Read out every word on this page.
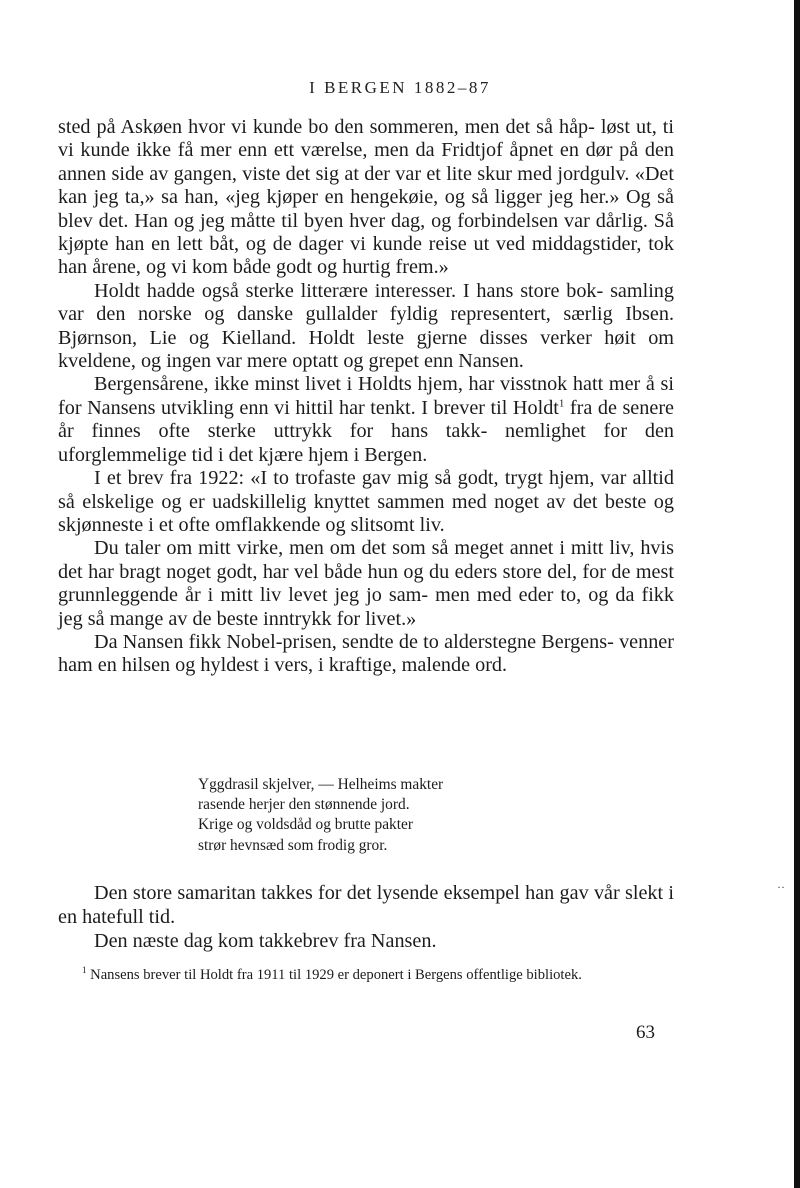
I BERGEN 1882–87

sted på Askøen hvor vi kunde bo den sommeren, men det så håp‐ løst ut, ti vi kunde ikke få mer enn ett værelse, men da Fridtjof åpnet en dør på den annen side av gangen, viste det sig at der var et lite skur med jordgulv. «Det kan jeg ta,» sa han, «jeg kjøper en hengekøie, og så ligger jeg her.» Og så blev det. Han og jeg måtte til byen hver dag, og forbindelsen var dårlig. Så kjøpte han en lett båt, og de dager vi kunde reise ut ved middagstider, tok han årene, og vi kom både godt og hurtig frem.»

Holdt hadde også sterke litterære interesser. I hans store bok‐ samling var den norske og danske gullalder fyldig representert, særlig Ibsen. Bjørnson, Lie og Kielland. Holdt leste gjerne disses verker høit om kveldene, og ingen var mere optatt og grepet enn Nansen.

Bergensårene, ikke minst livet i Holdts hjem, har visstnok hatt mer å si for Nansens utvikling enn vi hittil har tenkt. I brever til Holdt$^1$ fra de senere år finnes ofte sterke uttrykk for hans takk‐ nemlighet for den uforglemmelige tid i det kjære hjem i Bergen.

I et brev fra 1922: «I to trofaste gav mig så godt, trygt hjem, var alltid så elskelige og er uadskillelig knyttet sammen med noget av det beste og skjønneste i et ofte omflakkende og slitsomt liv.

Du taler om mitt virke, men om det som så meget annet i mitt liv, hvis det har bragt noget godt, har vel både hun og du eders store del, for de mest grunnleggende år i mitt liv levet jeg jo sam‐ men med eder to, og da fikk jeg så mange av de beste inntrykk for livet.»

Da Nansen fikk Nobel‐prisen, sendte de to alderstegne Bergens‐ venner ham en hilsen og hyldest i vers, i kraftige, malende ord.

Yggdrasil skjelver, — Helheims makter
rasende herjer den stønnende jord.
Krige og voldsdåd og brutte pakter
strør hevnsæd som frodig gror.
··

Den store samaritan takkes for det lysende eksempel han gav vår slekt i en hatefull tid.

Den næste dag kom takkebrev fra Nansen.

$^1$ Nansens brever til Holdt fra 1911 til 1929 er deponert i Bergens offentlige bibliotek.

63
